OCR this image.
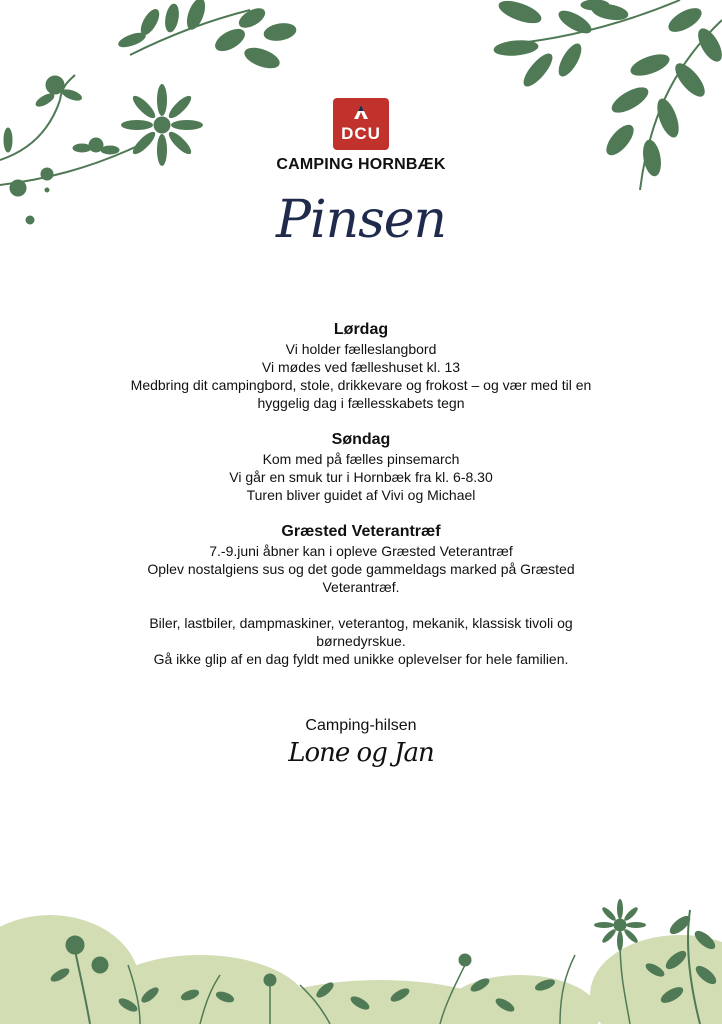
DCU
CAMPING HORNBÆK
Pinsen
Lørdag
Vi holder fælleslangbord
Vi mødes ved fælleshuset kl. 13
Medbring dit campingbord, stole, drikkevare og frokost – og vær med til en
hyggelig dag i fællesskabets tegn
Søndag
Kom med på fælles pinsemarch
Vi går en smuk tur i Hornbæk fra kl. 6-8.30
Turen bliver guidet af Vivi og Michael
Græsted Veterantræf
7.-9.juni åbner kan i opleve Græsted Veterantræf
Oplev nostalgiens sus og det gode gammeldags marked på Græsted
Veterantræf.
Biler, lastbiler, dampmaskiner, veterantog, mekanik, klassisk tivoli og
børnedyrskue.
Gå ikke glip af en dag fyldt med unikke oplevelser for hele familien.
Camping-hilsen
Lone og Jan
